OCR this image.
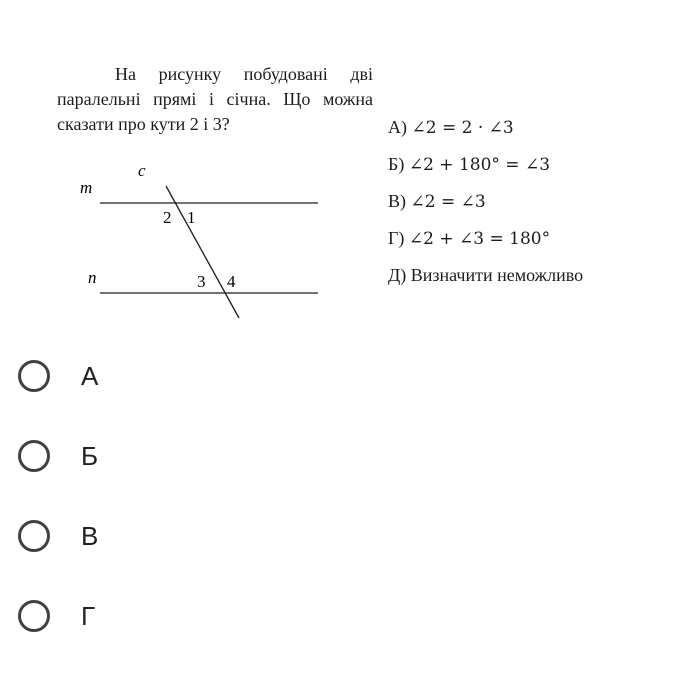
На рисунку побудовані дві паралельні прямі і січна. Що можна сказати про кути 2 і 3?
m
n
c
2 1
3 4
А) ∠2 = 2 · ∠3
Б) ∠2 + 180° = ∠3
В) ∠2 = ∠3
Г) ∠2 + ∠3 = 180°
Д) Визначити неможливо
А
Б
В
Г
